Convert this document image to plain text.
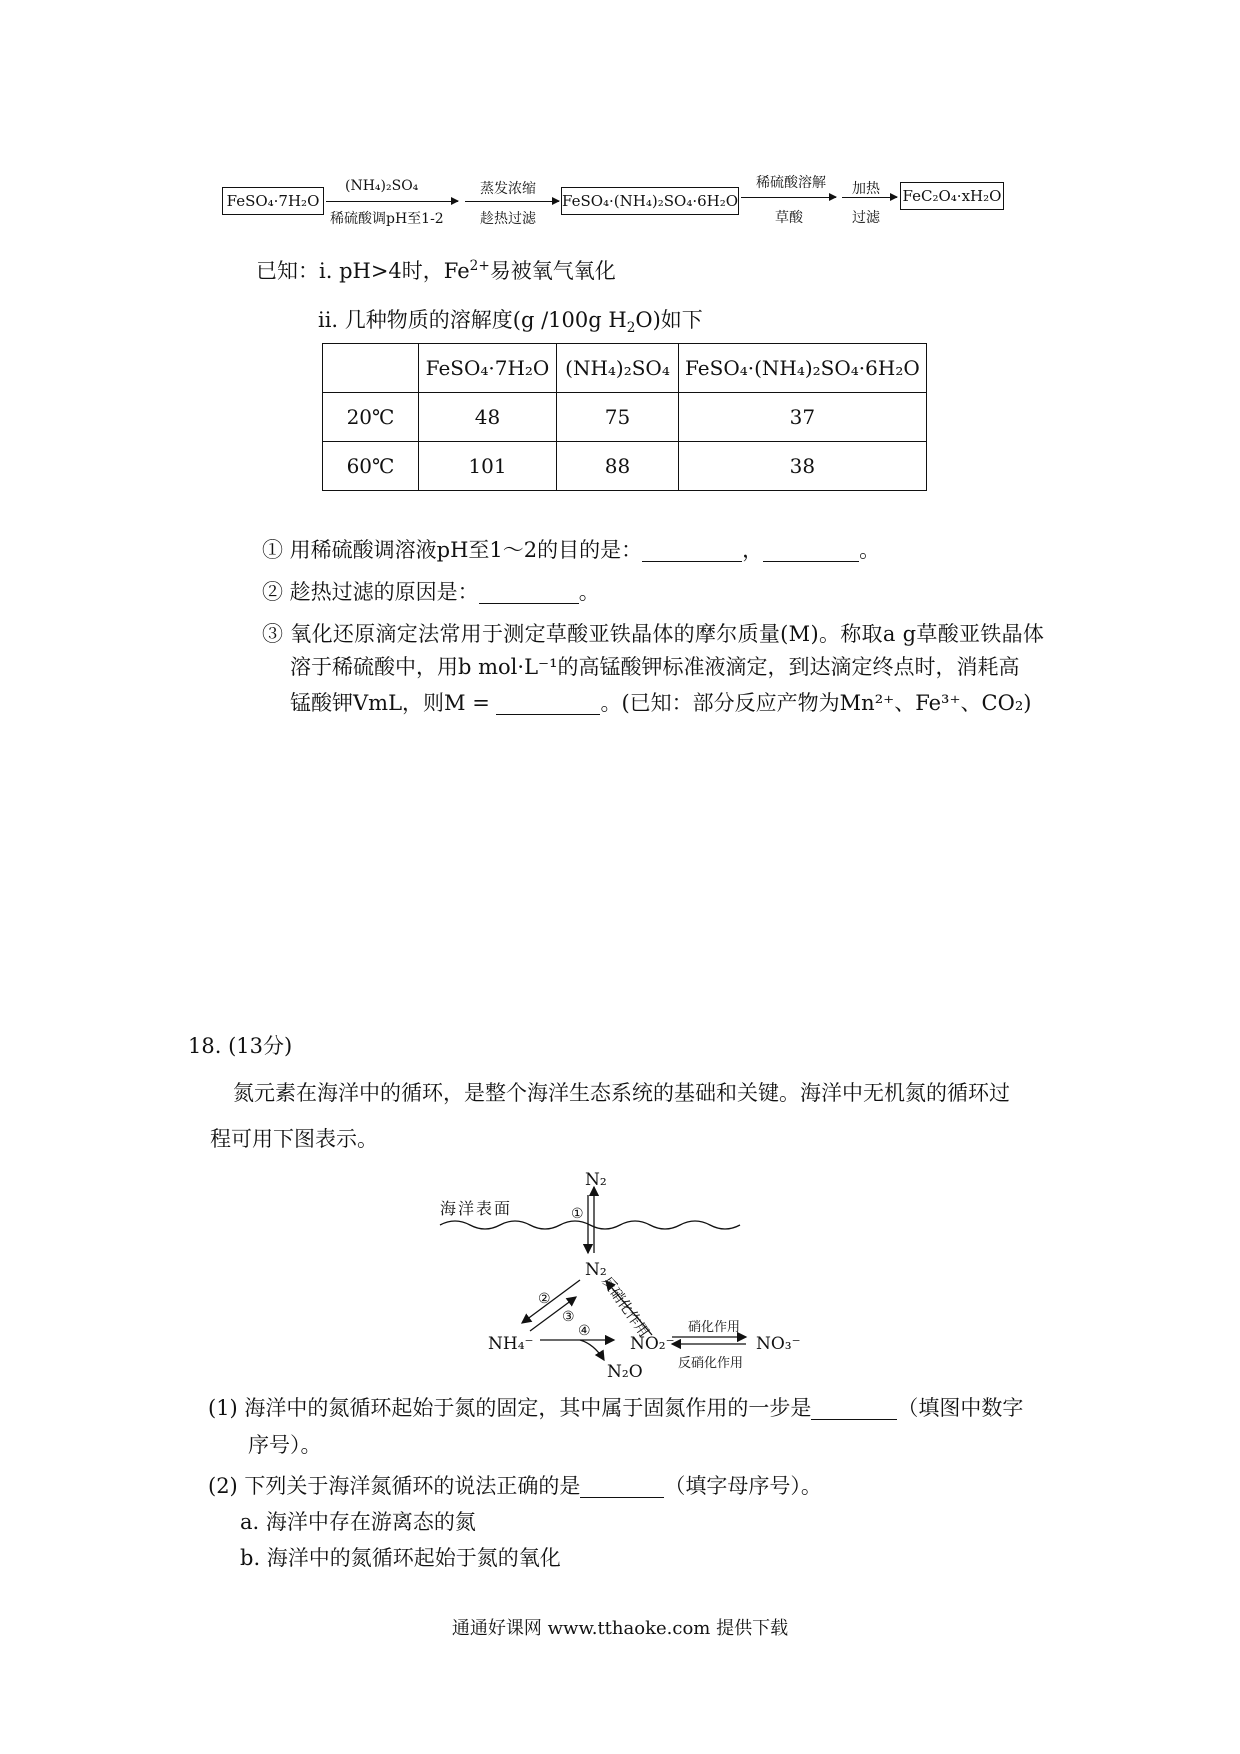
FeSO₄·7H₂O
(NH₄)₂SO₄
稀硫酸调pH至1-2
蒸发浓缩
趁热过滤
FeSO₄·(NH₄)₂SO₄·6H₂O
稀硫酸溶解
草酸
加热
过滤
FeC₂O₄·xH₂O
已知：i. pH>4时，$Fe^{2+}$易被氧气氧化
ii. 几种物质的溶解度(g /100g $H_2O$)如下
	FeSO₄·7H₂O	(NH₄)₂SO₄	FeSO₄·(NH₄)₂SO₄·6H₂O
20℃	48	75	37
60℃	101	88	38
① 用稀硫酸调溶液pH至1～2的目的是：	，	。
② 趁热过滤的原因是：	。
③ 氧化还原滴定法常用于测定草酸亚铁晶体的摩尔质量(M)。称取a g草酸亚铁晶体
溶于稀硫酸中，用b mol·L⁻¹的高锰酸钾标准液滴定，到达滴定终点时，消耗高
锰酸钾VmL，则M =	。(已知：部分反应产物为Mn²⁺、Fe³⁺、CO₂)
18. (13分)
氮元素在海洋中的循环，是整个海洋生态系统的基础和关键。海洋中无机氮的循环过
程可用下图表示。
海洋表面
N₂
①
N₂
反硝化作用
②
③
④
NH₄⁻	NO₂⁻
硝化作用
反硝化作用
NO₃⁻
N₂O
(1) 海洋中的氮循环起始于氮的固定，其中属于固氮作用的一步是	（填图中数字
序号）。
(2) 下列关于海洋氮循环的说法正确的是	（填字母序号）。
a. 海洋中存在游离态的氮
b. 海洋中的氮循环起始于氮的氧化
通通好课网 www.tthaoke.com 提供下载
